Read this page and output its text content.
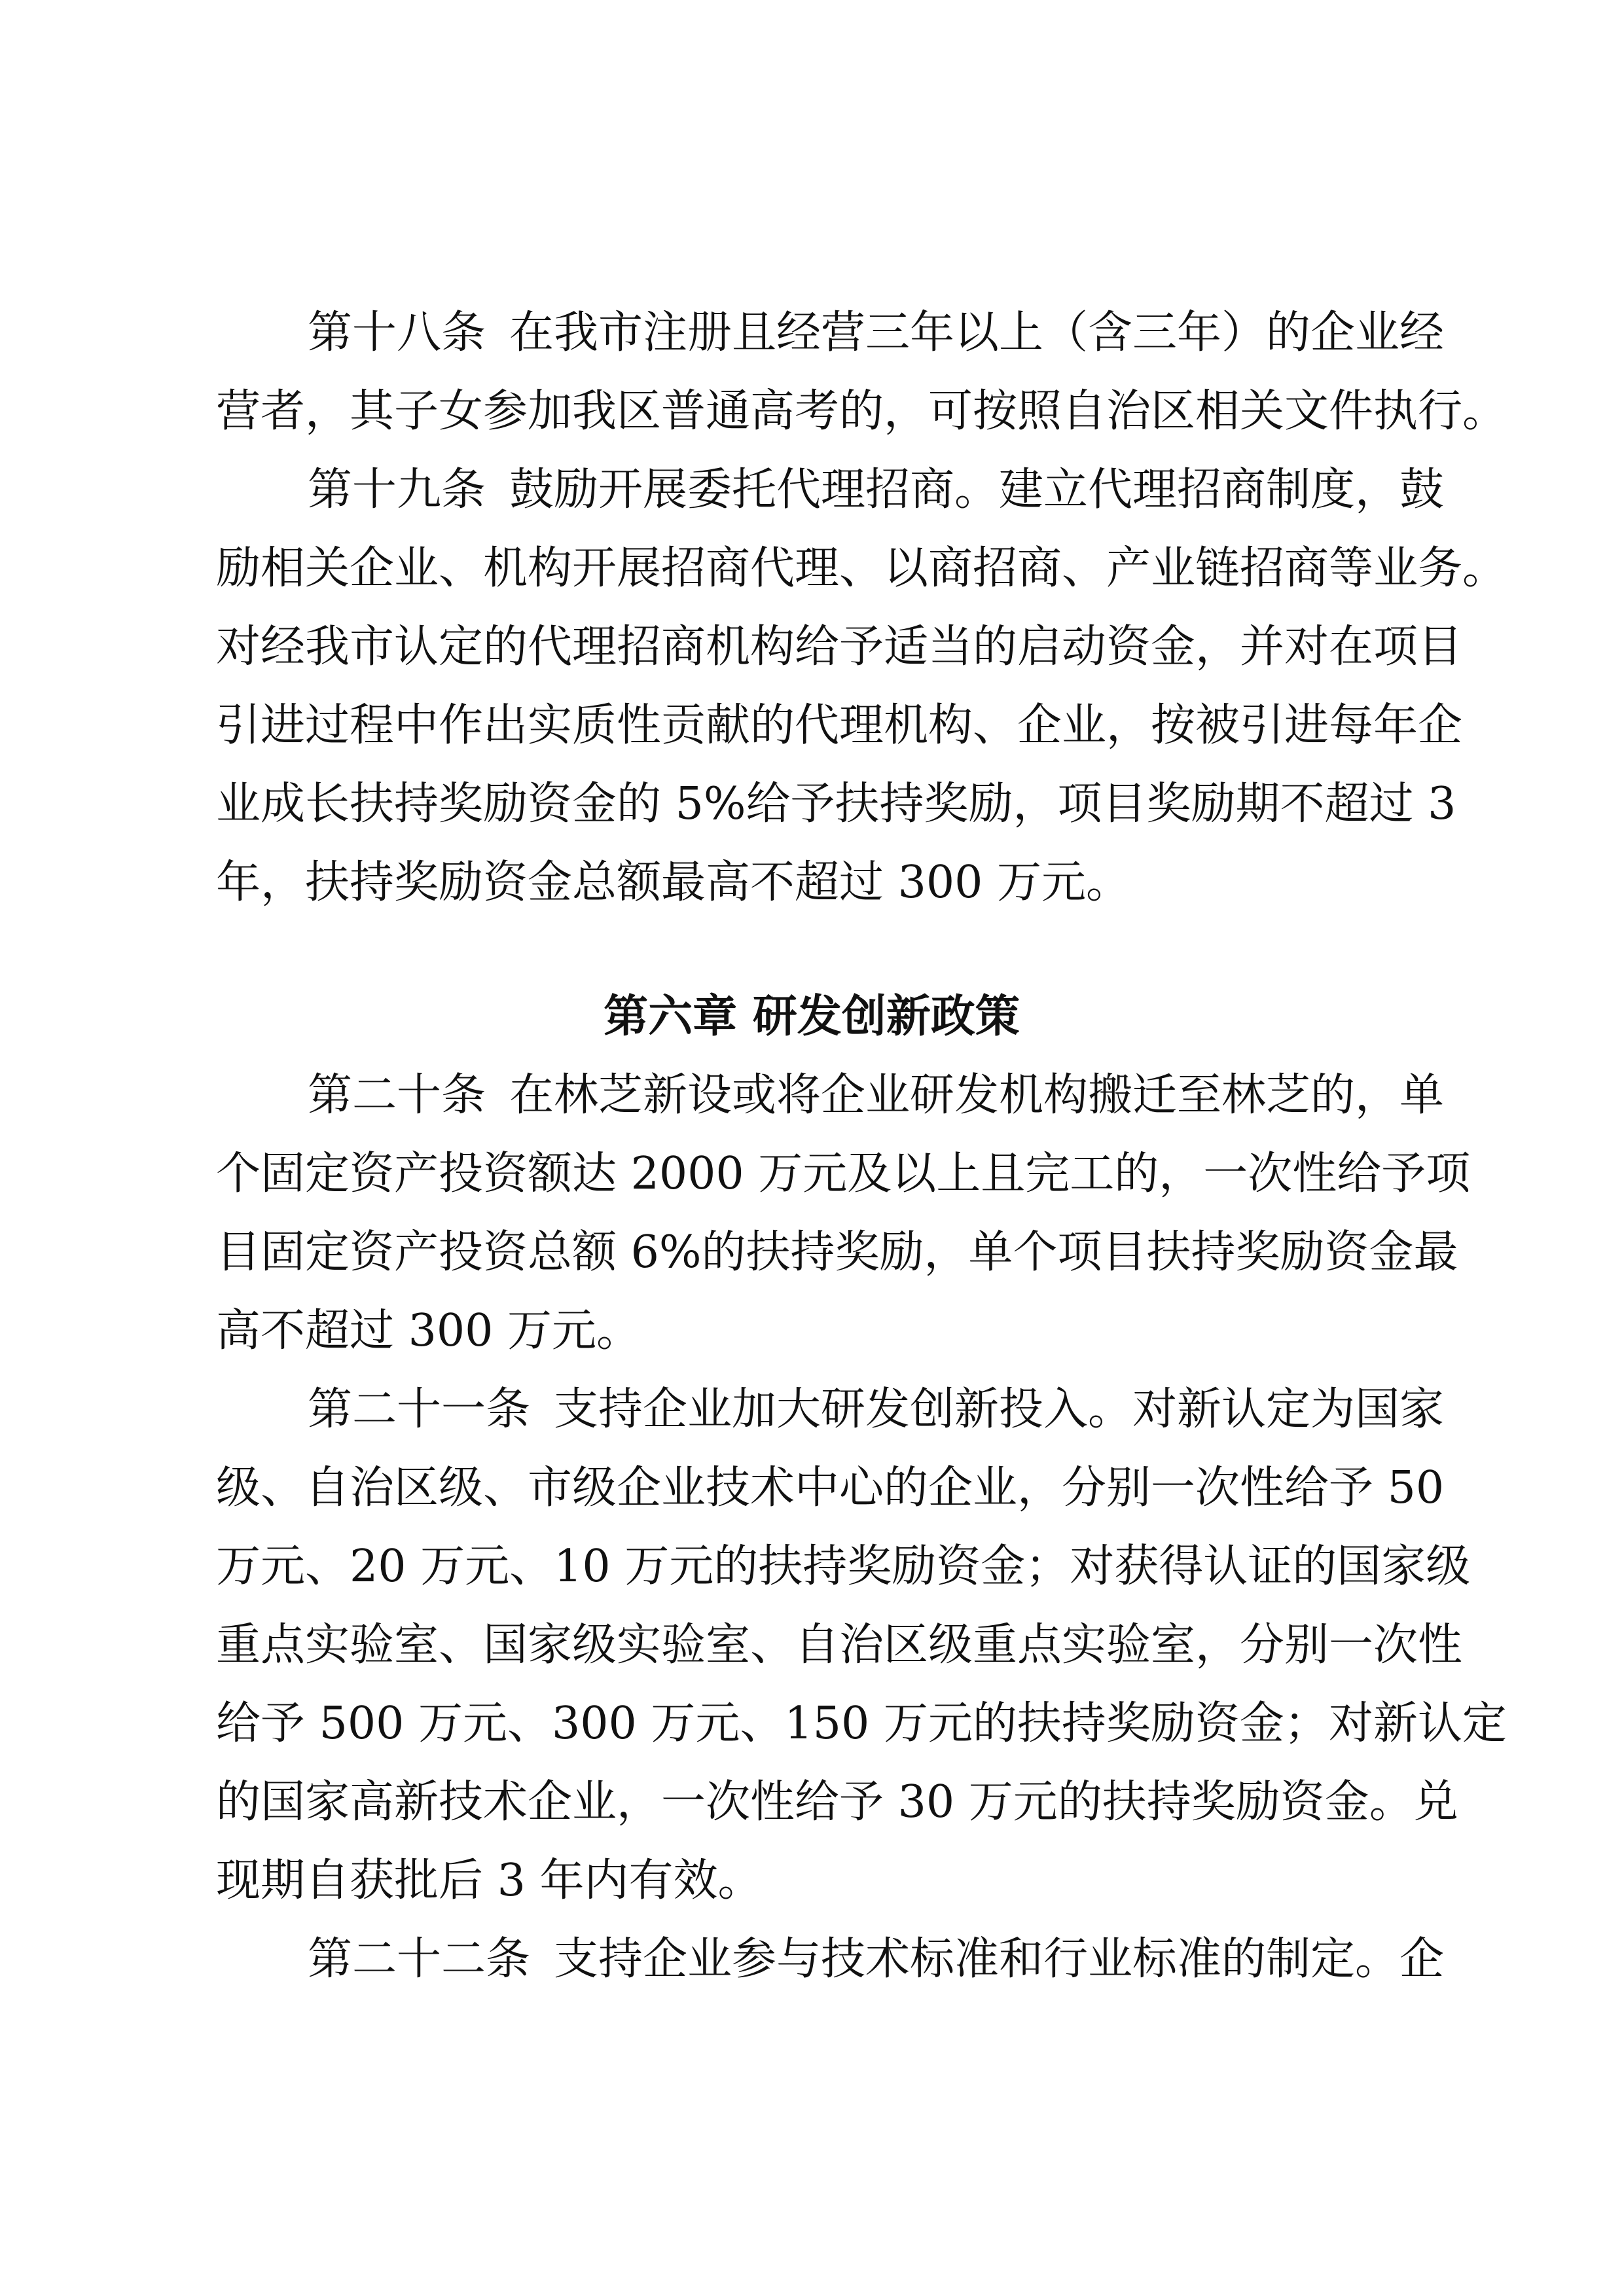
第十八条 在我市注册且经营三年以上（含三年）的企业经
营者，其子女参加我区普通高考的，可按照自治区相关文件执行。
第十九条 鼓励开展委托代理招商。建立代理招商制度，鼓
励相关企业、机构开展招商代理、以商招商、产业链招商等业务。
对经我市认定的代理招商机构给予适当的启动资金，并对在项目
引进过程中作出实质性贡献的代理机构、企业，按被引进每年企
业成长扶持奖励资金的 5%给予扶持奖励，项目奖励期不超过 3
年，扶持奖励资金总额最高不超过 300 万元。
第六章 研发创新政策
第二十条 在林芝新设或将企业研发机构搬迁至林芝的，单
个固定资产投资额达 2000 万元及以上且完工的，一次性给予项
目固定资产投资总额 6%的扶持奖励，单个项目扶持奖励资金最
高不超过 300 万元。
第二十一条 支持企业加大研发创新投入。对新认定为国家
级、自治区级、市级企业技术中心的企业，分别一次性给予 50
万元、20 万元、10 万元的扶持奖励资金；对获得认证的国家级
重点实验室、国家级实验室、自治区级重点实验室，分别一次性
给予 500 万元、300 万元、150 万元的扶持奖励资金；对新认定
的国家高新技术企业，一次性给予 30 万元的扶持奖励资金。兑
现期自获批后 3 年内有效。
第二十二条 支持企业参与技术标准和行业标准的制定。企
